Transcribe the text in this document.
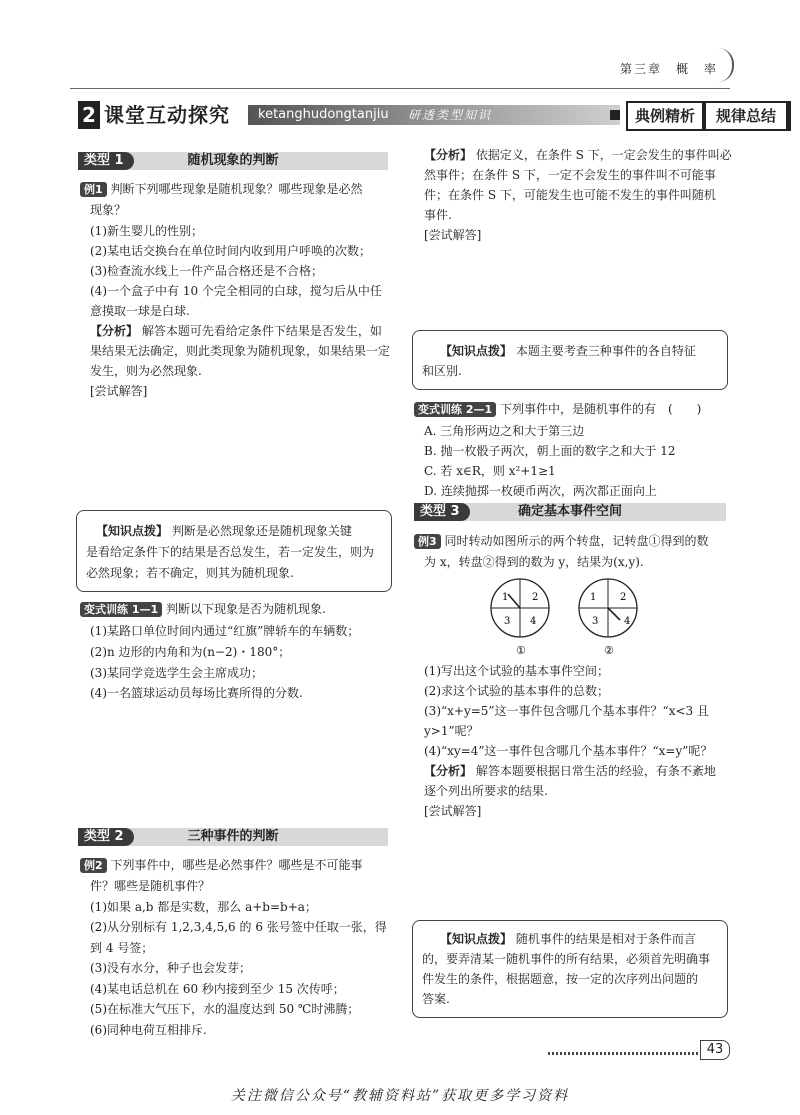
第三章　概　率
2 课堂互动探究 ketanghudongtanjiu 研透类型知识	典例精析	规律总结
随机现象的判断
类型 1
例1 判断下列哪些现象是随机现象？哪些现象是必然
现象？
(1)新生婴儿的性别；
(2)某电话交换台在单位时间内收到用户呼唤的次数；
(3)检查流水线上一件产品合格还是不合格；
(4)一个盒子中有 10 个完全相同的白球，搅匀后从中任
意摸取一球是白球.
【分析】 解答本题可先看给定条件下结果是否发生，如
果结果无法确定，则此类现象为随机现象，如果结果一定
发生，则为必然现象.
[尝试解答]
【知识点拨】 判断是必然现象还是随机现象关键
是看给定条件下的结果是否总发生，若一定发生，则为
必然现象；若不确定，则其为随机现象.
变式训练 1—1 判断以下现象是否为随机现象.
(1)某路口单位时间内通过“红旗”牌轿车的车辆数；
(2)n 边形的内角和为(n−2)・180°；
(3)某同学竞选学生会主席成功；
(4)一名篮球运动员每场比赛所得的分数.
三种事件的判断
类型 2
例2 下列事件中，哪些是必然事件？哪些是不可能事
件？哪些是随机事件？
(1)如果 a,b 都是实数，那么 a+b=b+a；
(2)从分别标有 1,2,3,4,5,6 的 6 张号签中任取一张，得
到 4 号签；
(3)没有水分，种子也会发芽；
(4)某电话总机在 60 秒内接到至少 15 次传呼；
(5)在标准大气压下，水的温度达到 50 ℃时沸腾；
(6)同种电荷互相排斥.
【分析】 依据定义，在条件 S 下，一定会发生的事件叫必
然事件；在条件 S 下，一定不会发生的事件叫不可能事
件；在条件 S 下，可能发生也可能不发生的事件叫随机
事件.
[尝试解答]
【知识点拨】 本题主要考查三种事件的各自特征
和区别.
变式训练 2—1 下列事件中，是随机事件的有　(　　)
A. 三角形两边之和大于第三边
B. 抛一枚骰子两次，朝上面的数字之和大于 12
C. 若 x∈R，则 x²+1≥1
D. 连续抛掷一枚硬币两次，两次都正面向上
确定基本事件空间
类型 3
例3 同时转动如图所示的两个转盘，记转盘①得到的数
为 x，转盘②得到的数为 y，结果为(x,y).
1 2
3 4
①
1 2
3	4
②
(1)写出这个试验的基本事件空间；
(2)求这个试验的基本事件的总数；
(3)“x+y=5”这一事件包含哪几个基本事件？“x<3 且
y>1”呢？
(4)“xy=4”这一事件包含哪几个基本事件？“x=y”呢？
【分析】 解答本题要根据日常生活的经验，有条不紊地
逐个列出所要求的结果.
[尝试解答]
【知识点拨】 随机事件的结果是相对于条件而言
的，要弄清某一随机事件的所有结果，必须首先明确事
件发生的条件，根据题意，按一定的次序列出问题的
答案.
43
关注微信公众号“教辅资料站”获取更多学习资料
